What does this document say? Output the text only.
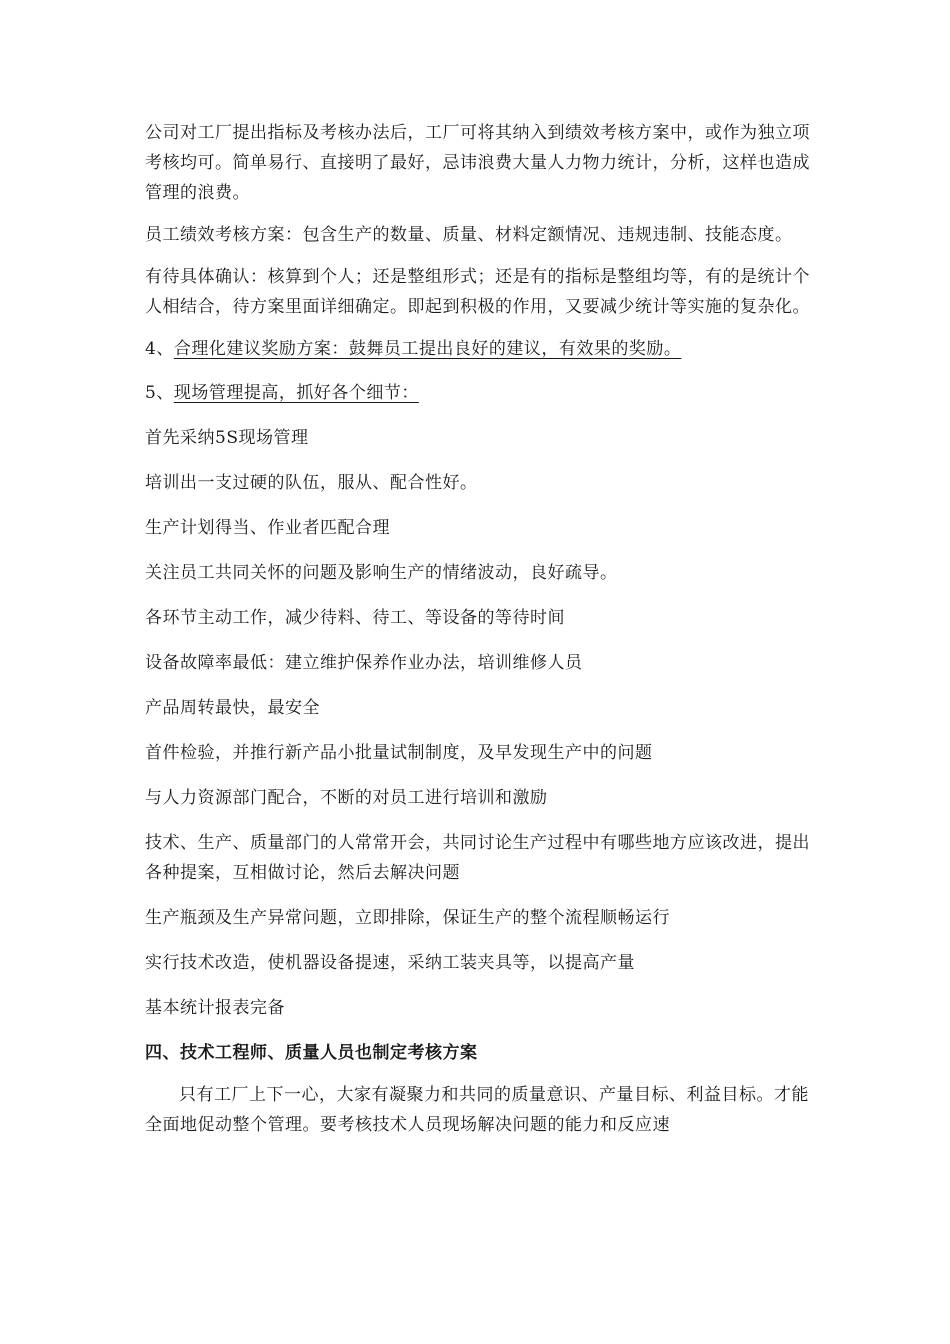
公司对工厂提出指标及考核办法后，工厂可将其纳入到绩效考核方案中，或作为独立项考核均可。简单易行、直接明了最好，忌讳浪费大量人力物力统计，分析，这样也造成管理的浪费。

员工绩效考核方案：包含生产的数量、质量、材料定额情况、违规违制、技能态度。

有待具体确认：核算到个人；还是整组形式；还是有的指标是整组均等，有的是统计个人相结合，待方案里面详细确定。即起到积极的作用，又要减少统计等实施的复杂化。

4、合理化建议奖励方案：鼓舞员工提出良好的建议，有效果的奖励。

5、现场管理提高，抓好各个细节：

首先采纳5S现场管理

培训出一支过硬的队伍，服从、配合性好。

生产计划得当、作业者匹配合理

关注员工共同关怀的问题及影响生产的情绪波动，良好疏导。

各环节主动工作，减少待料、待工、等设备的等待时间

设备故障率最低：建立维护保养作业办法，培训维修人员

产品周转最快，最安全

首件检验，并推行新产品小批量试制制度，及早发现生产中的问题

与人力资源部门配合，不断的对员工进行培训和激励

技术、生产、质量部门的人常常开会，共同讨论生产过程中有哪些地方应该改进，提出各种提案，互相做讨论，然后去解决问题

生产瓶颈及生产异常问题，立即排除，保证生产的整个流程顺畅运行

实行技术改造，使机器设备提速，采纳工装夹具等，以提高产量

基本统计报表完备

四、技术工程师、质量人员也制定考核方案

只有工厂上下一心，大家有凝聚力和共同的质量意识、产量目标、利益目标。才能全面地促动整个管理。要考核技术人员现场解决问题的能力和反应速
